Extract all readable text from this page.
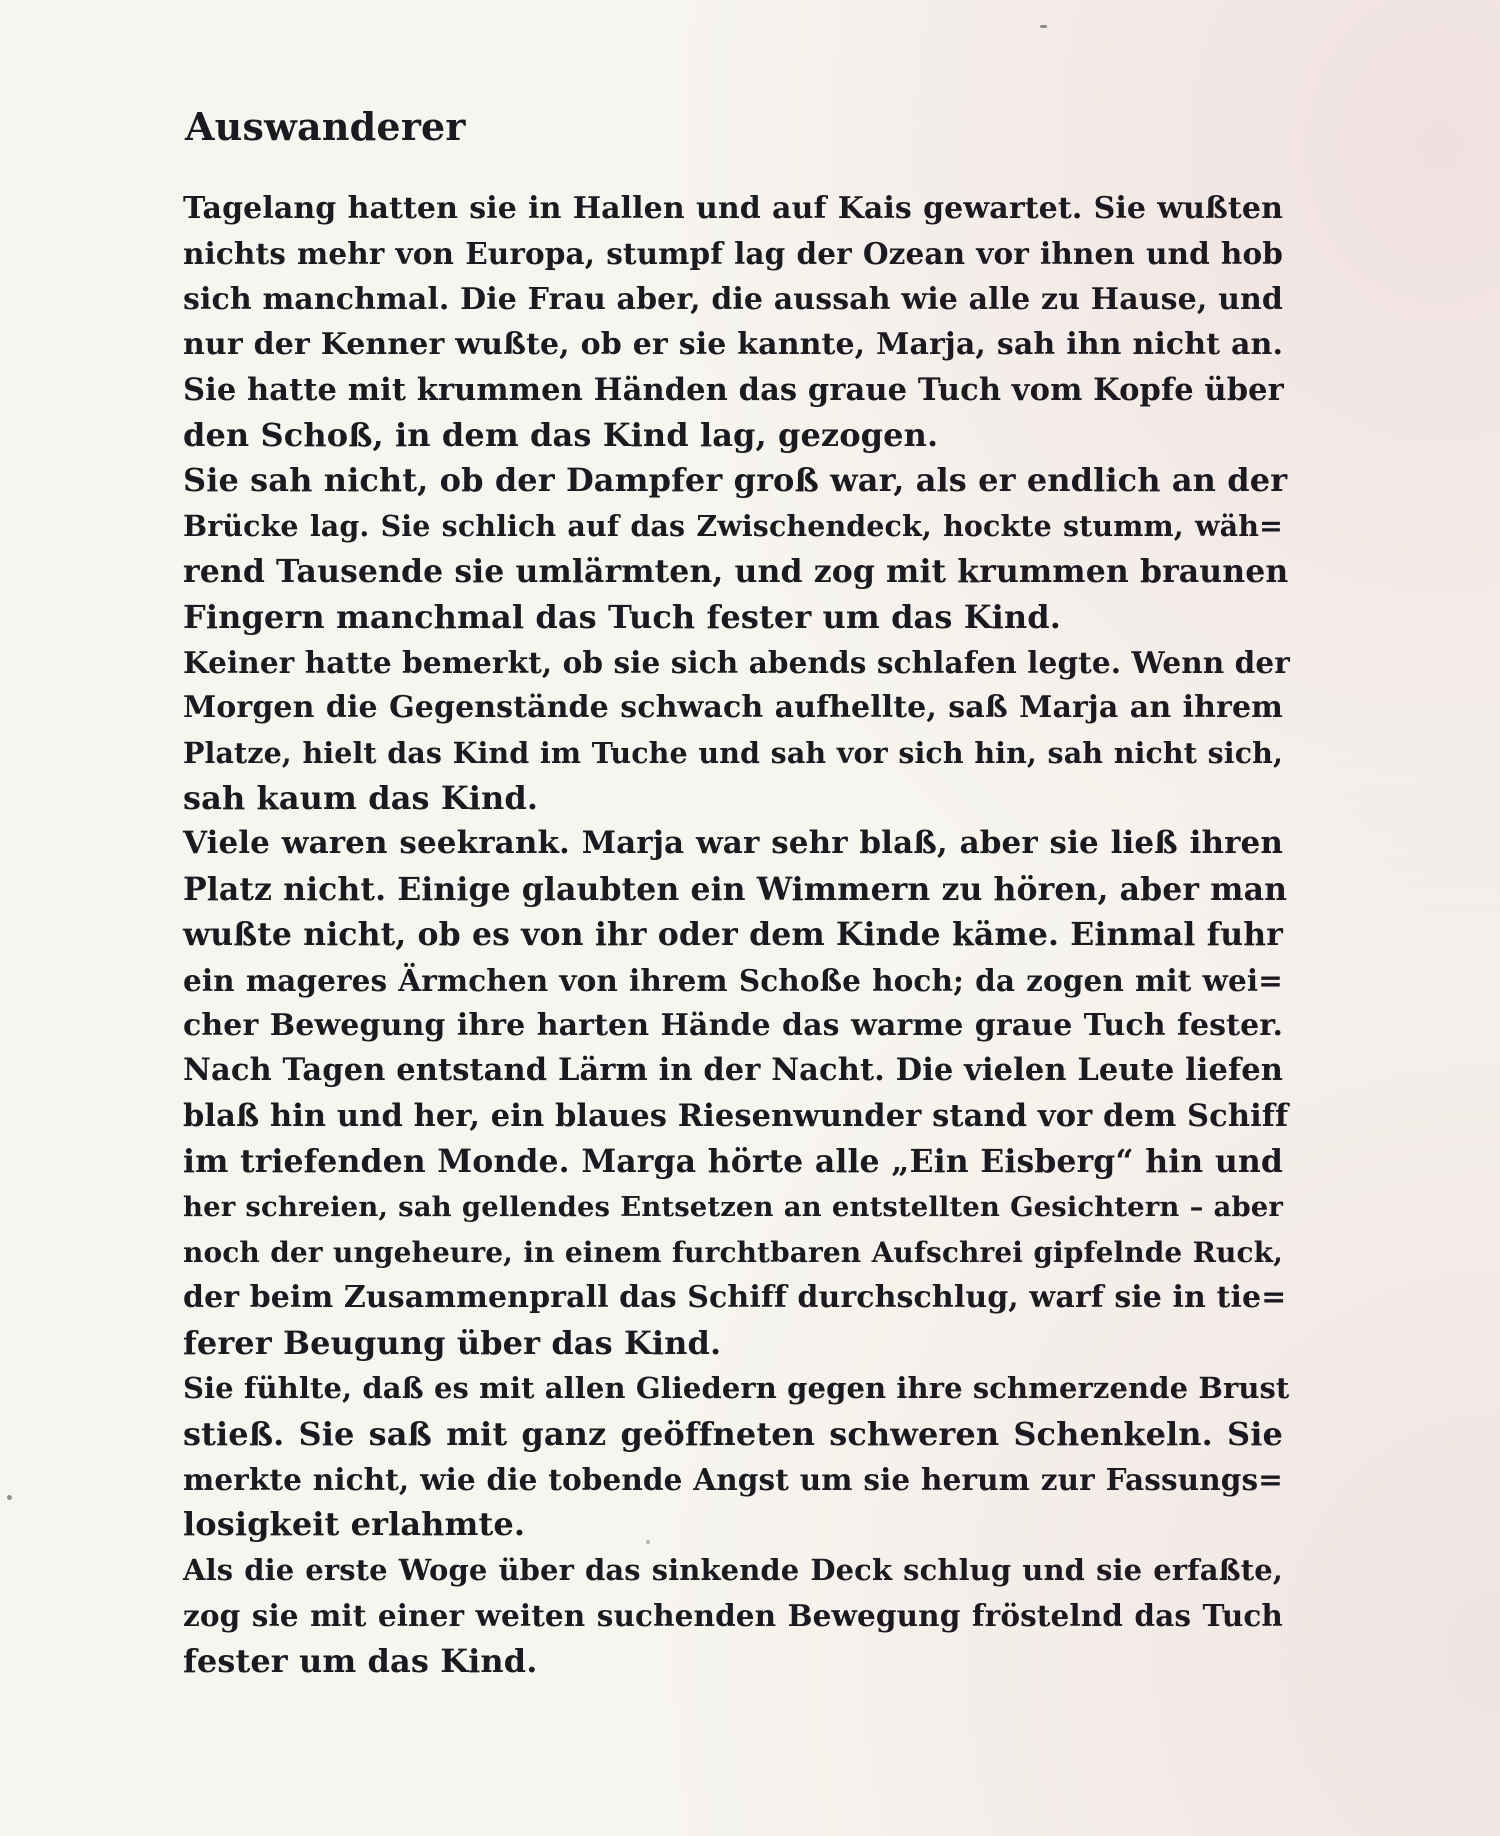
Auswanderer
Tagelang hatten sie in Hallen und auf Kais gewartet. Sie wußten
nichts mehr von Europa, stumpf lag der Ozean vor ihnen und hob
sich manchmal. Die Frau aber, die aussah wie alle zu Hause, und
nur der Kenner wußte, ob er sie kannte, Marja, sah ihn nicht an.
Sie hatte mit krummen Händen das graue Tuch vom Kopfe über
den Schoß, in dem das Kind lag, gezogen.
Sie sah nicht, ob der Dampfer groß war, als er endlich an der
Brücke lag. Sie schlich auf das Zwischendeck, hockte stumm, wäh=
rend Tausende sie umlärmten, und zog mit krummen braunen
Fingern manchmal das Tuch fester um das Kind.
Keiner hatte bemerkt, ob sie sich abends schlafen legte. Wenn der
Morgen die Gegenstände schwach aufhellte, saß Marja an ihrem
Platze, hielt das Kind im Tuche und sah vor sich hin, sah nicht sich,
sah kaum das Kind.
Viele waren seekrank. Marja war sehr blaß, aber sie ließ ihren
Platz nicht. Einige glaubten ein Wimmern zu hören, aber man
wußte nicht, ob es von ihr oder dem Kinde käme. Einmal fuhr
ein mageres Ärmchen von ihrem Schoße hoch; da zogen mit wei=
cher Bewegung ihre harten Hände das warme graue Tuch fester.
Nach Tagen entstand Lärm in der Nacht. Die vielen Leute liefen
blaß hin und her, ein blaues Riesenwunder stand vor dem Schiff
im triefenden Monde. Marga hörte alle „Ein Eisberg“ hin und
her schreien, sah gellendes Entsetzen an entstellten Gesichtern – aber
noch der ungeheure, in einem furchtbaren Aufschrei gipfelnde Ruck,
der beim Zusammenprall das Schiff durchschlug, warf sie in tie=
ferer Beugung über das Kind.
Sie fühlte, daß es mit allen Gliedern gegen ihre schmerzende Brust
stieß. Sie saß mit ganz geöffneten schweren Schenkeln. Sie
merkte nicht, wie die tobende Angst um sie herum zur Fassungs=
losigkeit erlahmte.
Als die erste Woge über das sinkende Deck schlug und sie erfaßte,
zog sie mit einer weiten suchenden Bewegung fröstelnd das Tuch
fester um das Kind.
